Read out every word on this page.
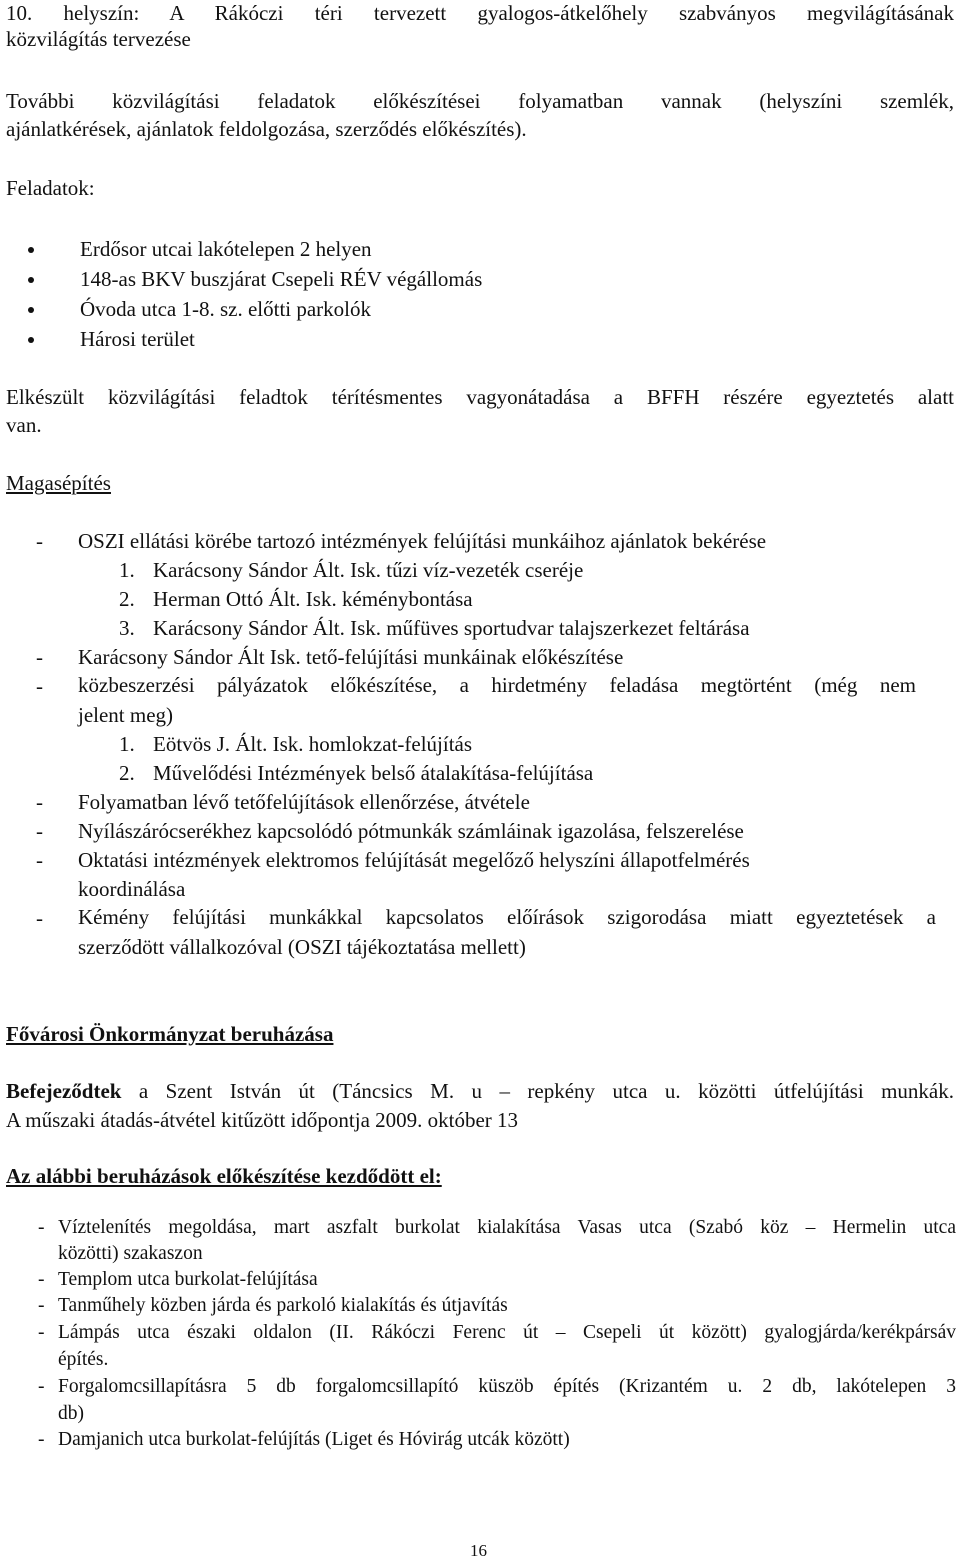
10. helyszín: A Rákóczi téri tervezett gyalogos-átkelőhely szabványos megvilágításának
közvilágítás tervezése
További közvilágítási feladatok előkészítései folyamatban vannak (helyszíni szemlék,
ajánlatkérések, ajánlatok feldolgozása, szerződés előkészítés).
Feladatok:
Erdősor utcai lakótelepen 2 helyen
148-as BKV buszjárat Csepeli RÉV végállomás
Óvoda utca 1-8. sz. előtti parkolók
Hárosi terület
Elkészült közvilágítási feladtok térítésmentes vagyonátadása a BFFH részére egyeztetés alatt
van.
Magasépítés
- OSZI ellátási körébe tartozó intézmények felújítási munkáihoz ajánlatok bekérése
1. Karácsony Sándor Ált. Isk. tűzi víz-vezeték cseréje
2. Herman Ottó Ált. Isk. kéménybontása
3. Karácsony Sándor Ált. Isk. műfüves sportudvar talajszerkezet feltárása
- Karácsony Sándor Ált Isk. tető-felújítási munkáinak előkészítése
- közbeszerzési pályázatok előkészítése, a hirdetmény feladása megtörtént (még nem
jelent meg)
1. Eötvös J. Ált. Isk. homlokzat-felújítás
2. Művelődési Intézmények belső átalakítása-felújítása
- Folyamatban lévő tetőfelújítások ellenőrzése, átvétele
- Nyílászárócserékhez kapcsolódó pótmunkák számláinak igazolása, felszerelése
- Oktatási intézmények elektromos felújítását megelőző helyszíni állapotfelmérés
koordinálása
- Kémény felújítási munkákkal kapcsolatos előírások szigorodása miatt egyeztetések a
szerződött vállalkozóval (OSZI tájékoztatása mellett)
Fővárosi Önkormányzat beruházása
Befejeződtek a Szent István út (Táncsics M. u – repkény utca u. közötti útfelújítási munkák.
A műszaki átadás-átvétel kitűzött időpontja 2009. október 13
Az alábbi beruházások előkészítése kezdődött el:
- Víztelenítés megoldása, mart aszfalt burkolat kialakítása Vasas utca (Szabó köz – Hermelin utca
közötti) szakaszon
- Templom utca burkolat-felújítása
- Tanműhely közben járda és parkoló kialakítás és útjavítás
- Lámpás utca északi oldalon (II. Rákóczi Ferenc út – Csepeli út között) gyalogjárda/kerékpársáv
építés.
- Forgalomcsillapításra 5 db forgalomcsillapító küszöb építés (Krizantém u. 2 db, lakótelepen 3
db)
- Damjanich utca burkolat-felújítás (Liget és Hóvirág utcák között)
16
